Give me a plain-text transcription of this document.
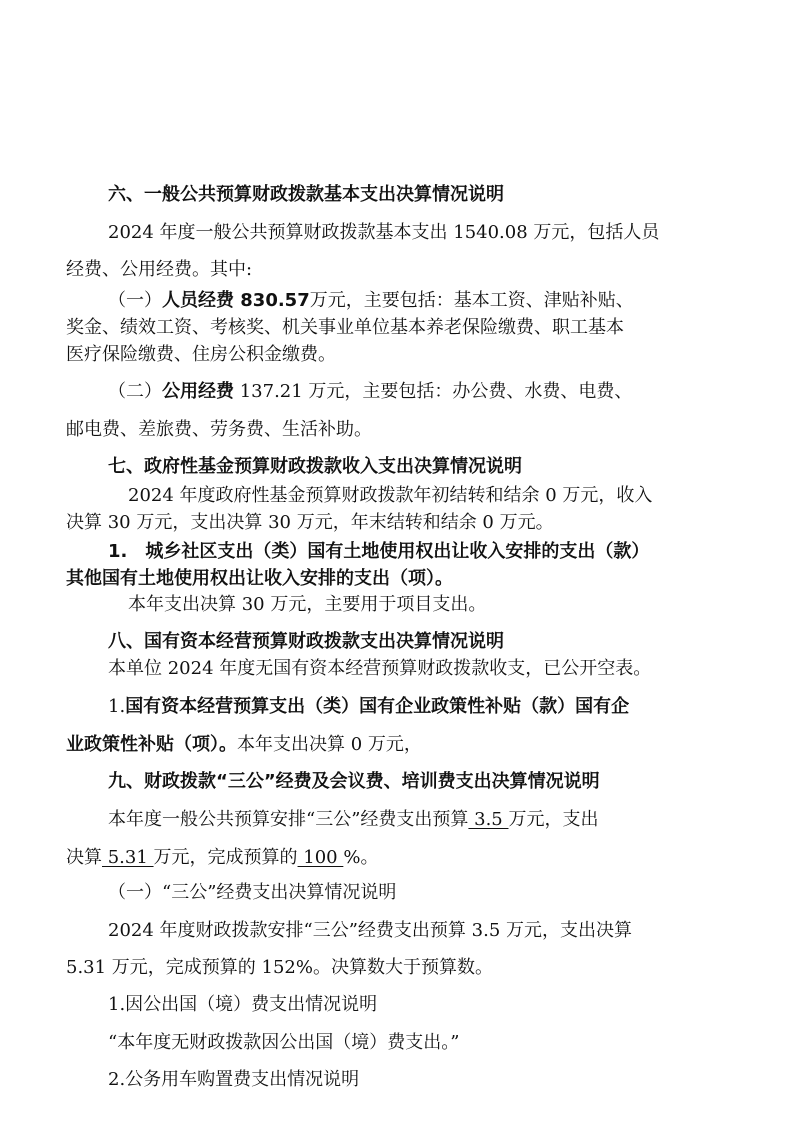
六、一般公共预算财政拨款基本支出决算情况说明
2024 年度一般公共预算财政拨款基本支出 1540.08 万元，包括人员
经费、公用经费。其中:
（一）人员经费 830.57万元，主要包括：基本工资、津贴补贴、
奖金、绩效工资、考核奖、机关事业单位基本养老保险缴费、职工基本
医疗保险缴费、住房公积金缴费。
（二）公用经费 137.21 万元，主要包括：办公费、水费、电费、
邮电费、差旅费、劳务费、生活补助。
七、政府性基金预算财政拨款收入支出决算情况说明
2024 年度政府性基金预算财政拨款年初结转和结余 0 万元，收入
决算 30 万元，支出决算 30 万元，年末结转和结余 0 万元。
1.　城乡社区支出（类）国有土地使用权出让收入安排的支出（款）
其他国有土地使用权出让收入安排的支出（项）。
本年支出决算 30 万元，主要用于项目支出。
八、国有资本经营预算财政拨款支出决算情况说明
本单位 2024 年度无国有资本经营预算财政拨款收支，已公开空表。
1.国有资本经营预算支出（类）国有企业政策性补贴（款）国有企
业政策性补贴（项）。本年支出决算 0 万元，
九、财政拨款“三公”经费及会议费、培训费支出决算情况说明
本年度一般公共预算安排“三公”经费支出预算 3.5 万元，支出
决算 5.31 万元，完成预算的 100 %。
（一）“三公”经费支出决算情况说明
2024 年度财政拨款安排“三公”经费支出预算 3.5 万元，支出决算
5.31 万元，完成预算的 152%。决算数大于预算数。
1.因公出国（境）费支出情况说明
“本年度无财政拨款因公出国（境）费支出。”
2.公务用车购置费支出情况说明
